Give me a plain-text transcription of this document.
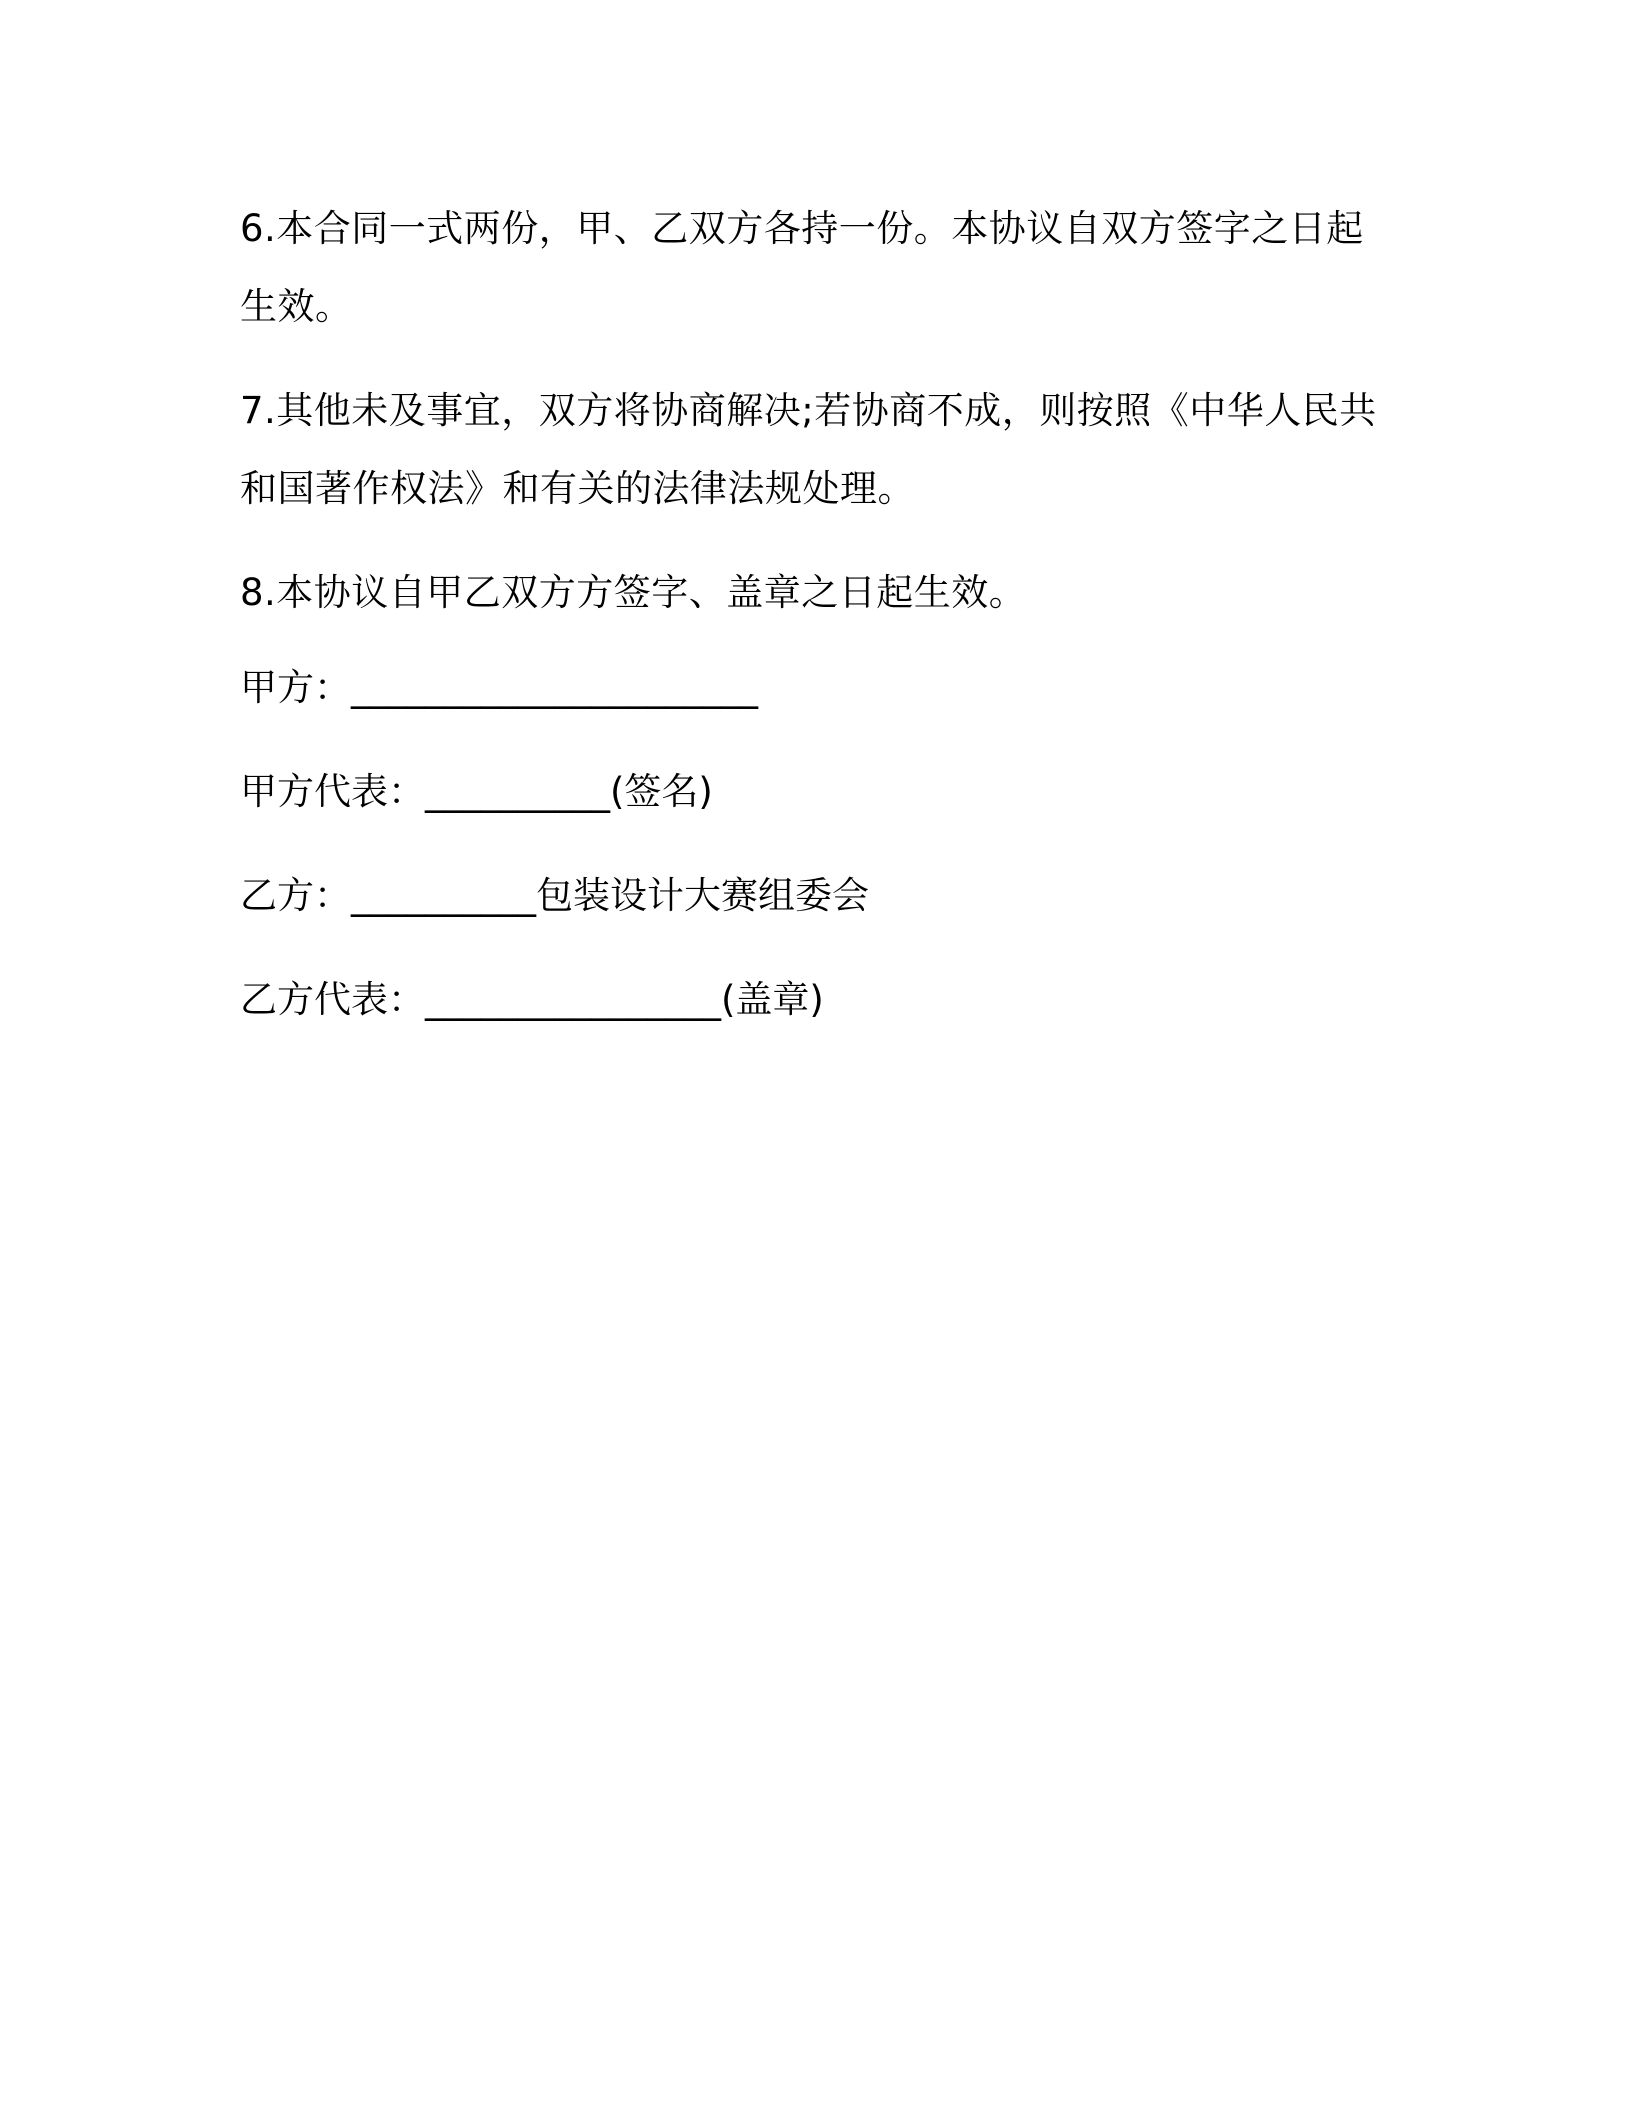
6.本合同一式两份，甲、乙双方各持一份。本协议自双方签字之日起生效。

7.其他未及事宜，双方将协商解决;若协商不成，则按照《中华人民共和国著作权法》和有关的法律法规处理。

8.本协议自甲乙双方方签字、盖章之日起生效。

甲方：______________________
甲方代表：__________(签名)
乙方：__________包装设计大赛组委会
乙方代表：________________(盖章)
